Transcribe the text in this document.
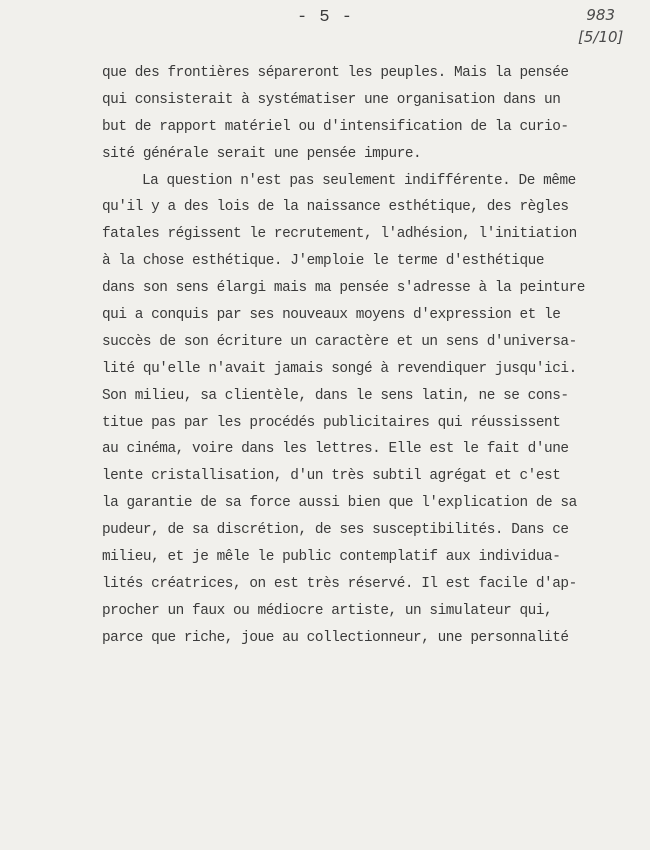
- 5 -	983
[5/10]
que des frontières sépareront les peuples. Mais la pensée
qui consisterait à systématiser une organisation dans un
but de rapport matériel ou d'intensification de la curio-
sité générale serait une pensée impure.
La question n'est pas seulement indifférente. De même
qu'il y a des lois de la naissance esthétique, des règles
fatales régissent le recrutement, l'adhésion, l'initiation
à la chose esthétique. J'emploie le terme d'esthétique
dans son sens élargi mais ma pensée s'adresse à la peinture
qui a conquis par ses nouveaux moyens d'expression et le
succès de son écriture un caractère et un sens d'universa-
lité qu'elle n'avait jamais songé à revendiquer jusqu'ici.
Son milieu, sa clientèle, dans le sens latin, ne se cons-
titue pas par les procédés publicitaires qui réussissent
au cinéma, voire dans les lettres. Elle est le fait d'une
lente cristallisation, d'un très subtil agrégat et c'est
la garantie de sa force aussi bien que l'explication de sa
pudeur, de sa discrétion, de ses susceptibilités. Dans ce
milieu, et je mêle le public contemplatif aux individua-
lités créatrices, on est très réservé. Il est facile d'ap-
procher un faux ou médiocre artiste, un simulateur qui,
parce que riche, joue au collectionneur, une personnalité
